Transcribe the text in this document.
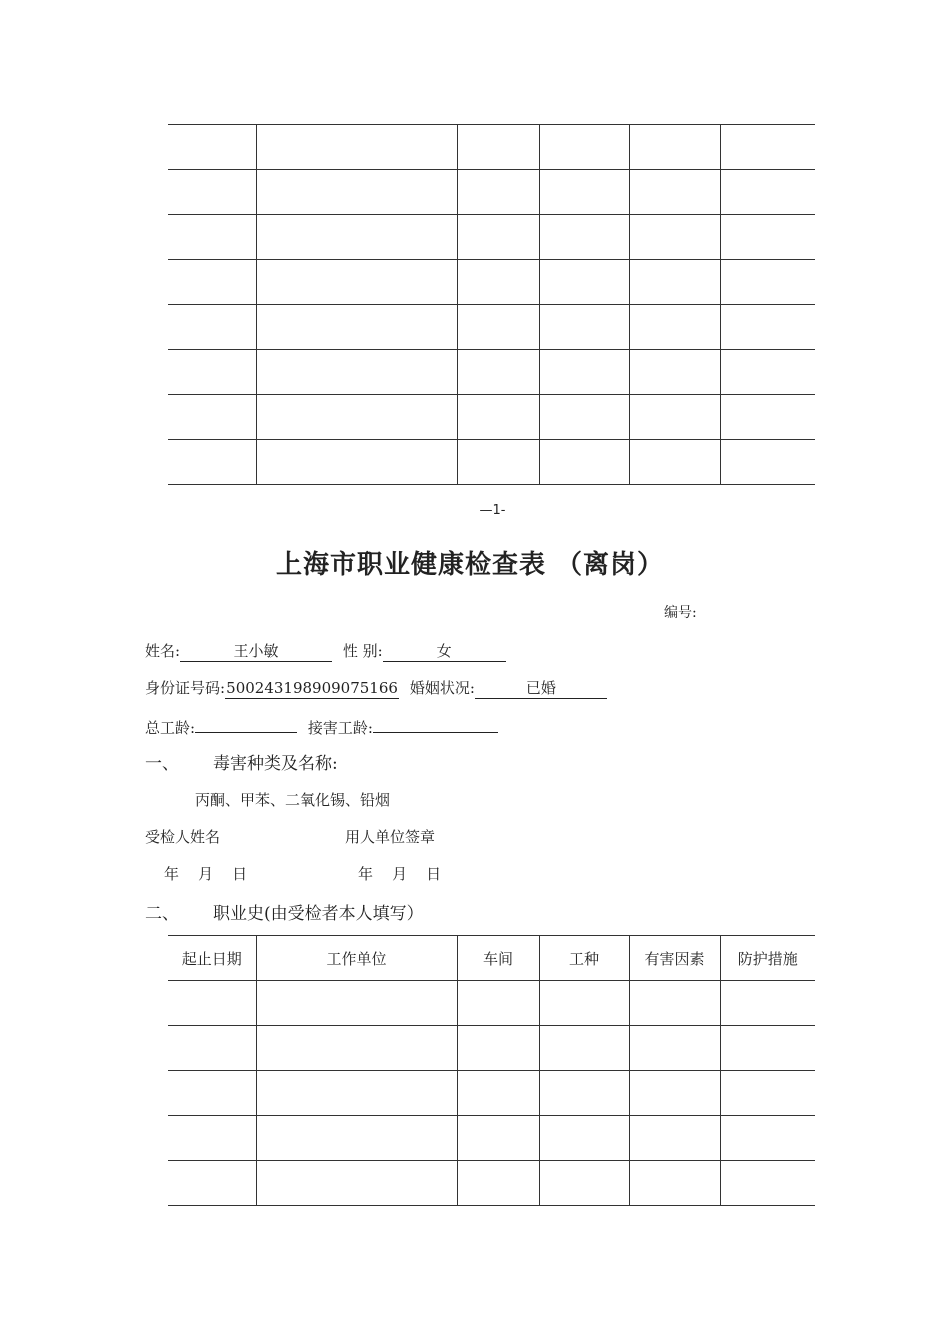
—1-
上海市职业健康检查表 （离岗）
编号:
姓名:	王小敏	性 别:	女
身份证号码:500243198909075166 婚姻状况:	已婚
总工龄:	接害工龄:
一、 毒害种类及名称:
丙酮、甲苯、二氧化锡、铅烟
受检人姓名	用人单位签章
年    月    日	年    月    日
二、 职业史(由受检者本人填写）
起止日期	工作单位	车间	工种	有害因素	防护措施
